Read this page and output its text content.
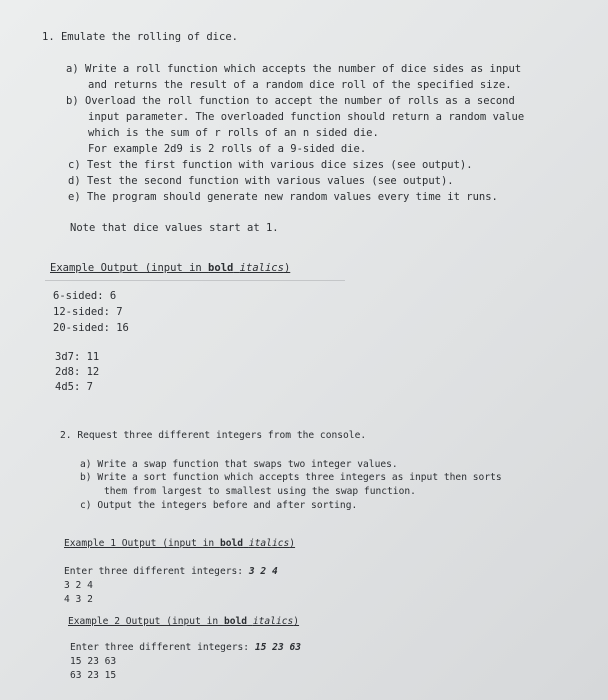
1. Emulate the rolling of dice.
a) Write a roll function which accepts the number of dice sides as input
and returns the result of a random dice roll of the specified size.
b) Overload the roll function to accept the number of rolls as a second
input parameter. The overloaded function should return a random value
which is the sum of r rolls of an n sided die.
For example 2d9 is 2 rolls of a 9-sided die.
c) Test the first function with various dice sizes (see output).
d) Test the second function with various values (see output).
e) The program should generate new random values every time it runs.
Note that dice values start at 1.
Example Output (input in bold italics)
6-sided: 6
12-sided: 7
20-sided: 16
3d7: 11
2d8: 12
4d5: 7
2. Request three different integers from the console.
a) Write a swap function that swaps two integer values.
b) Write a sort function which accepts three integers as input then sorts
them from largest to smallest using the swap function.
c) Output the integers before and after sorting.
Example 1 Output (input in bold italics)
Enter three different integers: 3 2 4
3 2 4
4 3 2
Example 2 Output (input in bold italics)
Enter three different integers: 15 23 63
15 23 63
63 23 15
